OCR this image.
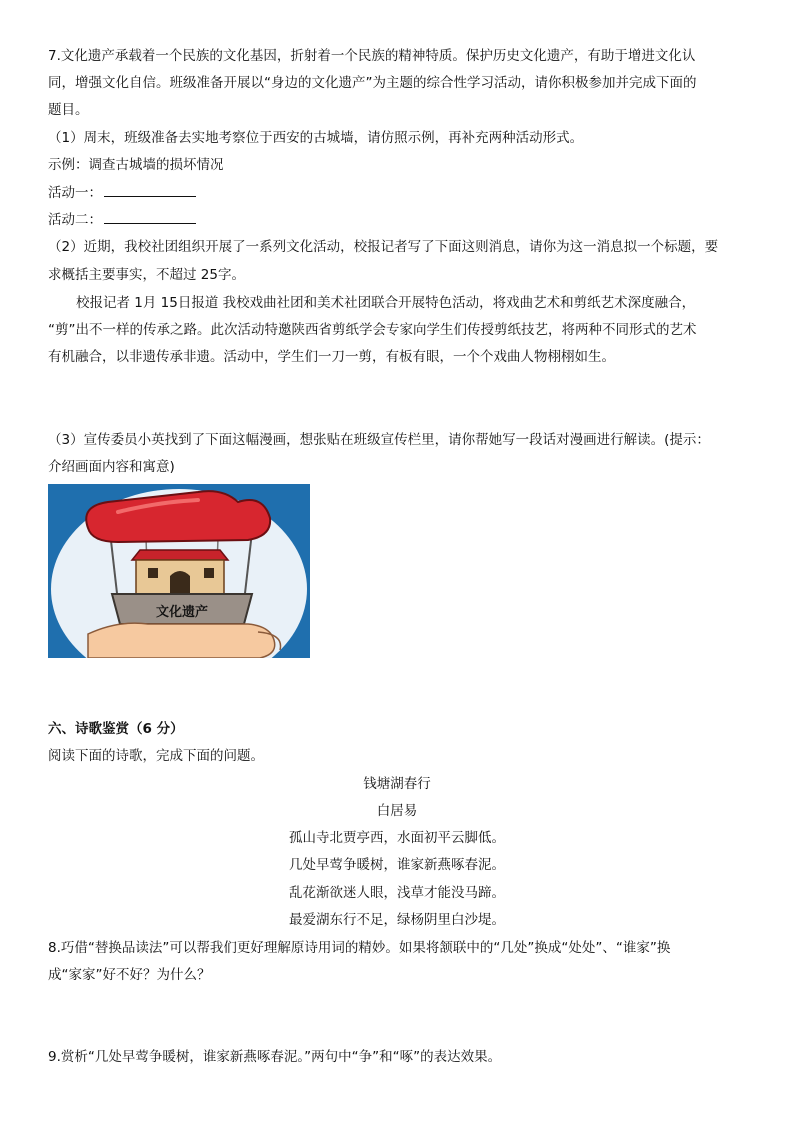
7.文化遗产承载着一个民族的文化基因，折射着一个民族的精神特质。保护历史文化遗产，有助于增进文化认
同，增强文化自信。班级准备开展以“身边的文化遗产”为主题的综合性学习活动，请你积极参加并完成下面的
题目。
（1）周末，班级准备去实地考察位于西安的古城墙，请仿照示例，再补充两种活动形式。
示例：调查古城墙的损坏情况
活动一：
活动二：
（2）近期，我校社团组织开展了一系列文化活动，校报记者写了下面这则消息，请你为这一消息拟一个标题，要
求概括主要事实，不超过 25字。
校报记者 1月 15日报道 我校戏曲社团和美术社团联合开展特色活动，将戏曲艺术和剪纸艺术深度融合，
“剪”出不一样的传承之路。此次活动特邀陕西省剪纸学会专家向学生们传授剪纸技艺，将两种不同形式的艺术
有机融合，以非遗传承非遗。活动中，学生们一刀一剪，有板有眼，一个个戏曲人物栩栩如生。
（3）宣传委员小英找到了下面这幅漫画，想张贴在班级宣传栏里，请你帮她写一段话对漫画进行解读。(提示：
介绍画面内容和寓意)
文化遗产
六、诗歌鉴赏（6 分）
阅读下面的诗歌，完成下面的问题。
钱塘湖春行
白居易
孤山寺北贾亭西，水面初平云脚低。
几处早莺争暖树，谁家新燕啄春泥。
乱花渐欲迷人眼，浅草才能没马蹄。
最爱湖东行不足，绿杨阴里白沙堤。
8.巧借“替换品读法”可以帮我们更好理解原诗用词的精妙。如果将颔联中的“几处”换成“处处”、“谁家”换
成“家家”好不好？为什么？
9.赏析“几处早莺争暖树，谁家新燕啄春泥。”两句中“争”和“啄”的表达效果。
